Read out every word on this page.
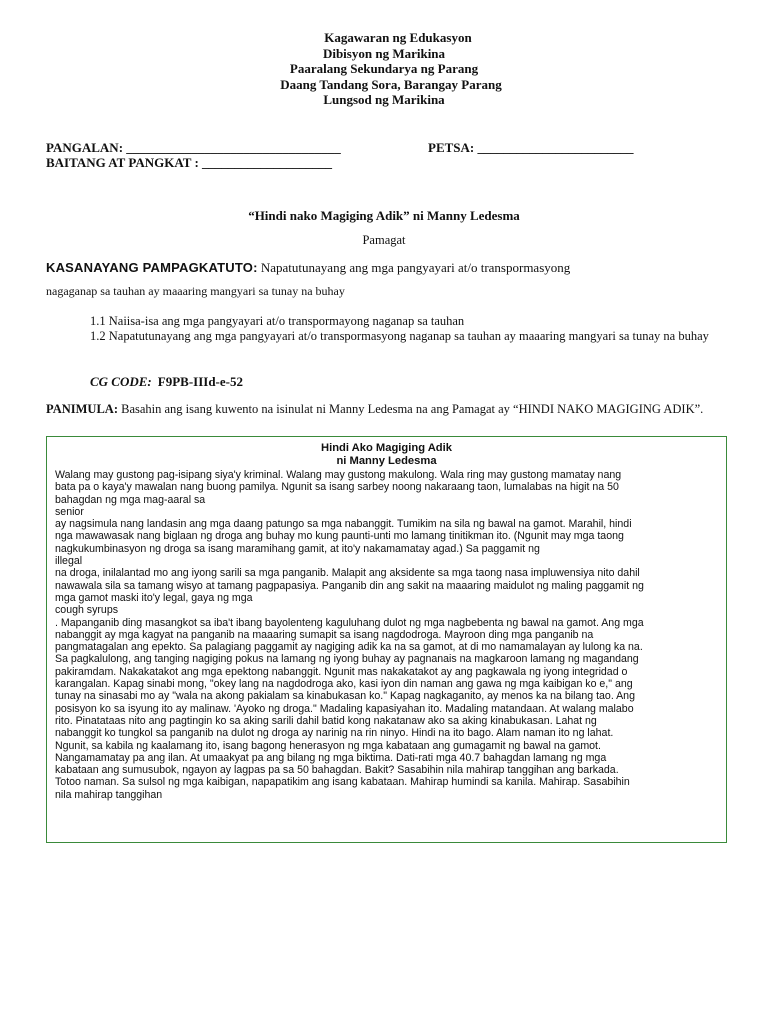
Kagawaran ng Edukasyon
Dibisyon ng Marikina
Paaralang Sekundarya ng Parang
Daang Tandang Sora, Barangay Parang
Lungsod ng Marikina
PANGALAN: _________________________________	PETSA: ________________________
BAITANG AT PANGKAT : ____________________
“Hindi nako Magiging Adik” ni Manny Ledesma
Pamagat
KASANAYANG PAMPAGKATUTO: Napatutunayang ang mga pangyayari at/o transpormasyong
nagaganap sa tauhan ay maaaring mangyari sa tunay na buhay
1.1 Naiisa-isa ang mga pangyayari at/o transpormayong naganap sa tauhan
1.2 Napatutunayang ang mga pangyayari at/o transpormasyong naganap sa tauhan ay maaaring mangyari sa tunay na buhay
CG CODE: F9PB-IIId-e-52
PANIMULA: Basahin ang isang kuwento na isinulat ni Manny Ledesma na ang Pamagat ay “HINDI NAKO MAGIGING ADIK”.
Hindi Ako Magiging Adik
ni Manny Ledesma
Walang may gustong pag-isipang siya'y kriminal. Walang may gustong makulong. Wala ring may gustong mamatay nang
bata pa o kaya'y mawalan nang buong pamilya. Ngunit sa isang sarbey noong nakaraang taon, lumalabas na higit na 50
bahagdan ng mga mag-aaral sa
senior
ay nagsimula nang landasin ang mga daang patungo sa mga nabanggit. Tumikim na sila ng bawal na gamot. Marahil, hindi
nga mawawasak nang biglaan ng droga ang buhay mo kung paunti-unti mo lamang tinitikman ito. (Ngunit may mga taong
nagkukumbinasyon ng droga sa isang maramihang gamit, at ito'y nakamamatay agad.) Sa paggamit ng
illegal
na droga, inilalantad mo ang iyong sarili sa mga panganib. Malapit ang aksidente sa mga taong nasa impluwensiya nito dahil
nawawala sila sa tamang wisyo at tamang pagpapasiya. Panganib din ang sakit na maaaring maidulot ng maling paggamit ng
mga gamot maski ito'y legal, gaya ng mga
cough syrups
. Mapanganib ding masangkot sa iba't ibang bayolenteng kaguluhang dulot ng mga nagbebenta ng bawal na gamot. Ang mga
nabanggit ay mga kagyat na panganib na maaaring sumapit sa isang nagdodroga. Mayroon ding mga panganib na
pangmatagalan ang epekto. Sa palagiang paggamit ay nagiging adik ka na sa gamot, at di mo namamalayan ay lulong ka na.
Sa pagkalulong, ang tanging nagiging pokus na lamang ng iyong buhay ay pagnanais na magkaroon lamang ng magandang
pakiramdam. Nakakatakot ang mga epektong nabanggit. Ngunit mas nakakatakot ay ang pagkawala ng iyong integridad o
karangalan. Kapag sinabi mong, "okey lang na nagdodroga ako, kasi iyon din naman ang gawa ng mga kaibigan ko e," ang
tunay na sinasabi mo ay "wala na akong pakialam sa kinabukasan ko." Kapag nagkaganito, ay menos ka na bilang tao. Ang
posisyon ko sa isyung ito ay malinaw. 'Ayoko ng droga." Madaling kapasiyahan ito. Madaling matandaan. At walang malabo
rito. Pinatataas nito ang pagtingin ko sa aking sarili dahil batid kong nakatanaw ako sa aking kinabukasan. Lahat ng
nabanggit ko tungkol sa panganib na dulot ng droga ay narinig na rin ninyo. Hindi na ito bago. Alam naman ito ng lahat.
Ngunit, sa kabila ng kaalamang ito, isang bagong henerasyon ng mga kabataan ang gumagamit ng bawal na gamot.
Nangamamatay pa ang ilan. At umaakyat pa ang bilang ng mga biktima. Dati-rati mga 40.7 bahagdan lamang ng mga
kabataan ang sumusubok, ngayon ay lagpas pa sa 50 bahagdan. Bakit? Sasabihin nila mahirap tanggihan ang barkada.
Totoo naman. Sa sulsol ng mga kaibigan, napapatikim ang isang kabataan. Mahirap humindi sa kanila. Mahirap. Sasabihin
nila mahirap tanggihan
